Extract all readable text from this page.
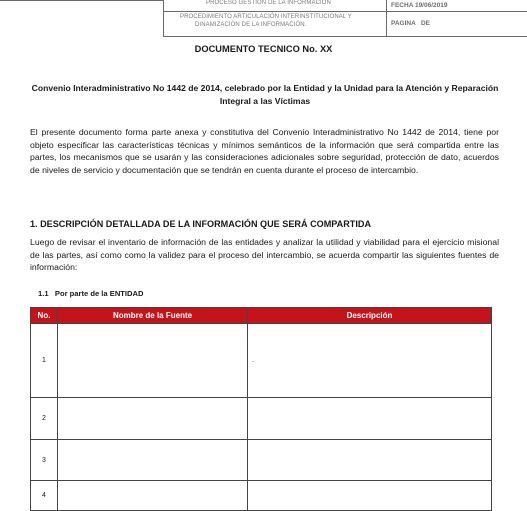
PROCESO GESTIÓN DE LA INFORMACIÓN
PROCEDIMIENTO ARTICULACIÓN INTERINSTITUCIONAL Y
DINAMIZACIÓN DE LA INFORMACIÓN.
FECHA 19/06/2019
PAGINA   DE
DOCUMENTO TECNICO No. XX
Convenio Interadministrativo No 1442 de 2014, celebrado por la Entidad y la Unidad para la Atención y Reparación Integral a las Víctimas
El presente documento forma parte anexa y constitutiva del Convenio Interadministrativo No 1442 de 2014, tiene por objeto especificar las características técnicas y mínimos semánticos de la información que será compartida entre las partes, los mecanismos que se usarán y las consideraciones adicionales sobre seguridad, protección de dato, acuerdos de niveles de servicio y documentación que se tendrán en cuenta durante el proceso de intercambio.
1. DESCRIPCIÓN DETALLADA DE LA INFORMACIÓN QUE SERÁ COMPARTIDA
Luego de revisar el inventario de información de las entidades y analizar la utilidad y viabilidad para el ejercicio misional de las partes, así como como la validez para el proceso del intercambio, se acuerda compartir las siguientes fuentes de información:
1.1   Por parte de la ENTIDAD
No.	Nombre de la Fuente	Descripción
1		.
2		
3		
4		
